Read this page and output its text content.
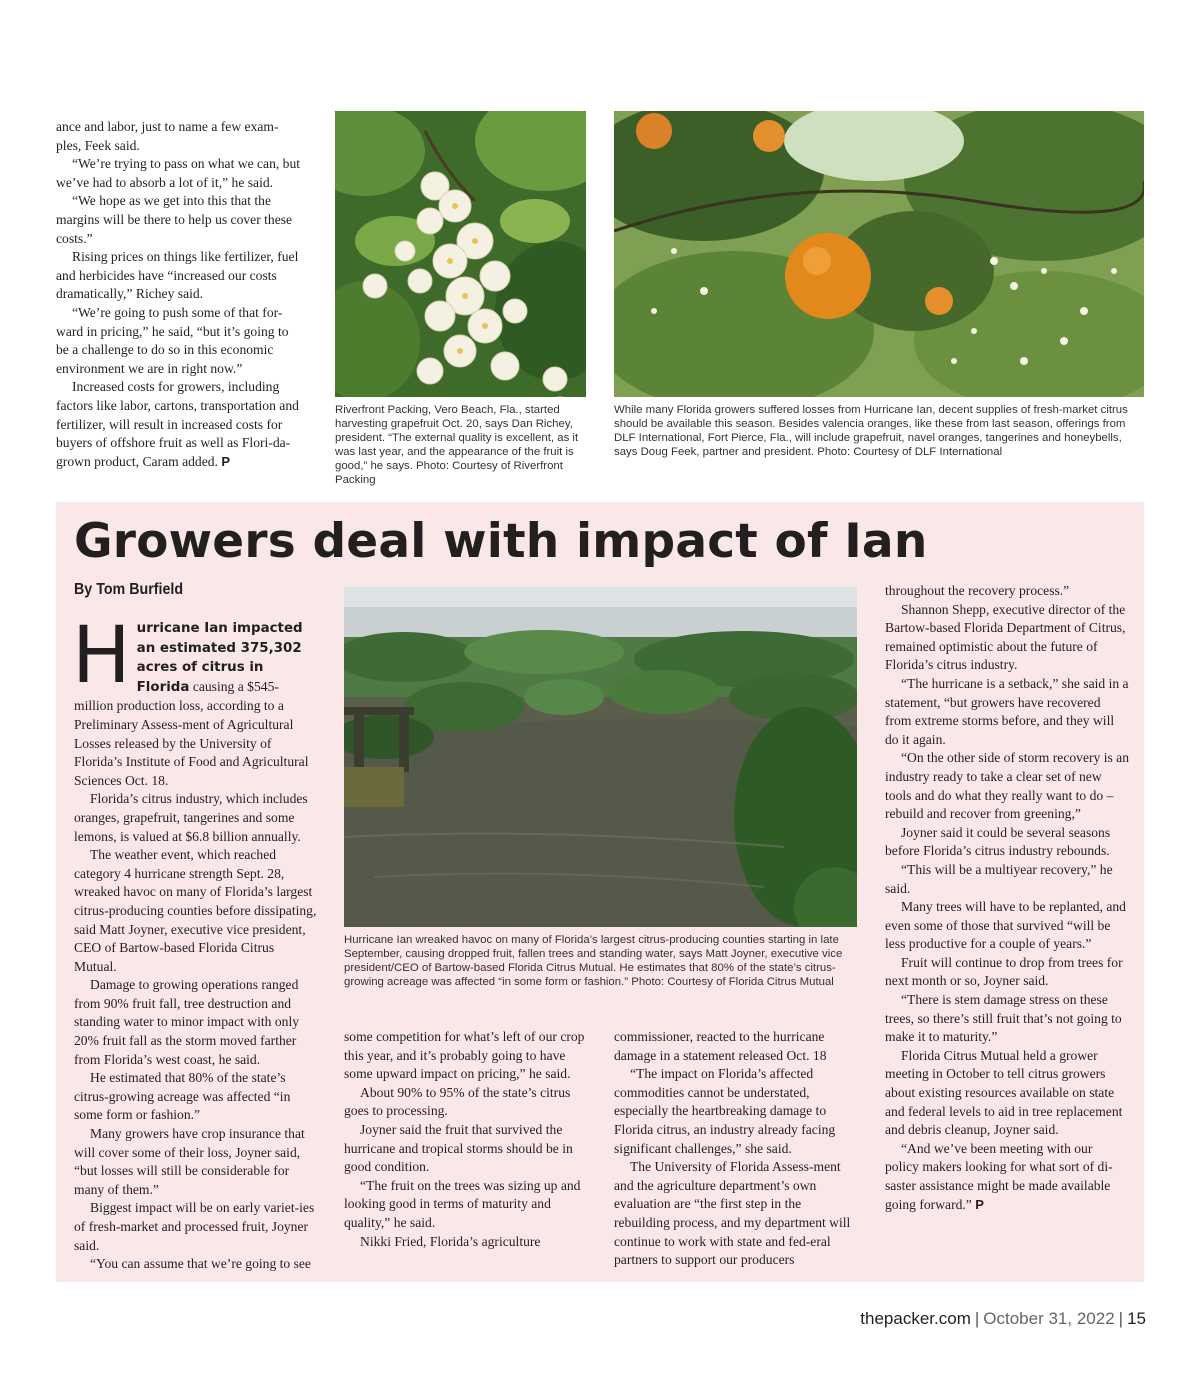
ance and labor, just to name a few exam-ples, Feek said.

“We’re trying to pass on what we can, but we’ve had to absorb a lot of it,” he said.

“We hope as we get into this that the margins will be there to help us cover these costs.”

Rising prices on things like fertilizer, fuel and herbicides have “increased our costs dramatically,” Richey said.

“We’re going to push some of that for-ward in pricing,” he said, “but it’s going to be a challenge to do so in this economic environment we are in right now.”

Increased costs for growers, including factors like labor, cartons, transportation and fertilizer, will result in increased costs for buyers of offshore fruit as well as Flori-da-grown product, Caram added. P

Riverfront Packing, Vero Beach, Fla., started harvesting grapefruit Oct. 20, says Dan Richey, president. “The external quality is excellent, as it was last year, and the appearance of the fruit is good,” he says. Photo: Courtesy of Riverfront Packing
While many Florida growers suffered losses from Hurricane Ian, decent supplies of fresh-market citrus should be available this season. Besides valencia oranges, like these from last season, offerings from DLF International, Fort Pierce, Fla., will include grapefruit, navel oranges, tangerines and honeybells, says Doug Feek, partner and president. Photo: Courtesy of DLF International
Growers deal with impact of Ian
By Tom Burfield

Hurricane Ian impacted an estimated 375,302 acres of citrus in Florida causing a $545-million production loss, according to a Preliminary Assess-ment of Agricultural Losses released by the University of Florida’s Institute of Food and Agricultural Sciences Oct. 18.

Florida’s citrus industry, which includes oranges, grapefruit, tangerines and some lemons, is valued at $6.8 billion annually.

The weather event, which reached category 4 hurricane strength Sept. 28, wreaked havoc on many of Florida’s largest citrus-producing counties before dissipating, said Matt Joyner, executive vice president, CEO of Bartow-based Florida Citrus Mutual.

Damage to growing operations ranged from 90% fruit fall, tree destruction and standing water to minor impact with only 20% fruit fall as the storm moved farther from Florida’s west coast, he said.

He estimated that 80% of the state’s citrus-growing acreage was affected “in some form or fashion.”

Many growers have crop insurance that will cover some of their loss, Joyner said, “but losses will still be considerable for many of them.”

Biggest impact will be on early variet-ies of fresh-market and processed fruit, Joyner said.

“You can assume that we’re going to see

Hurricane Ian wreaked havoc on many of Florida’s largest citrus-producing counties starting in late September, causing dropped fruit, fallen trees and standing water, says Matt Joyner, executive vice president/CEO of Bartow-based Florida Citrus Mutual. He estimates that 80% of the state’s citrus-growing acreage was affected “in some form or fashion.” Photo: Courtesy of Florida Citrus Mutual

some competition for what’s left of our crop this year, and it’s probably going to have some upward impact on pricing,” he said.

About 90% to 95% of the state’s citrus goes to processing.

Joyner said the fruit that survived the hurricane and tropical storms should be in good condition.

“The fruit on the trees was sizing up and looking good in terms of maturity and quality,” he said.

Nikki Fried, Florida’s agriculture

commissioner, reacted to the hurricane damage in a statement released Oct. 18

“The impact on Florida’s affected commodities cannot be understated, especially the heartbreaking damage to Florida citrus, an industry already facing significant challenges,” she said.

The University of Florida Assess-ment and the agriculture department’s own evaluation are “the first step in the rebuilding process, and my department will continue to work with state and fed-eral partners to support our producers

throughout the recovery process.”

Shannon Shepp, executive director of the Bartow-based Florida Department of Citrus, remained optimistic about the future of Florida’s citrus industry.

“The hurricane is a setback,” she said in a statement, “but growers have recovered from extreme storms before, and they will do it again.

“On the other side of storm recovery is an industry ready to take a clear set of new tools and do what they really want to do – rebuild and recover from greening,”

Joyner said it could be several seasons before Florida’s citrus industry rebounds.

“This will be a multiyear recovery,” he said.

Many trees will have to be replanted, and even some of those that survived “will be less productive for a couple of years.”

Fruit will continue to drop from trees for next month or so, Joyner said.

“There is stem damage stress on these trees, so there’s still fruit that’s not going to make it to maturity.”

Florida Citrus Mutual held a grower meeting in October to tell citrus growers about existing resources available on state and federal levels to aid in tree replacement and debris cleanup, Joyner said.

“And we’ve been meeting with our policy makers looking for what sort of di-saster assistance might be made available going forward.” P

thepacker.com | October 31, 2022 | 15
